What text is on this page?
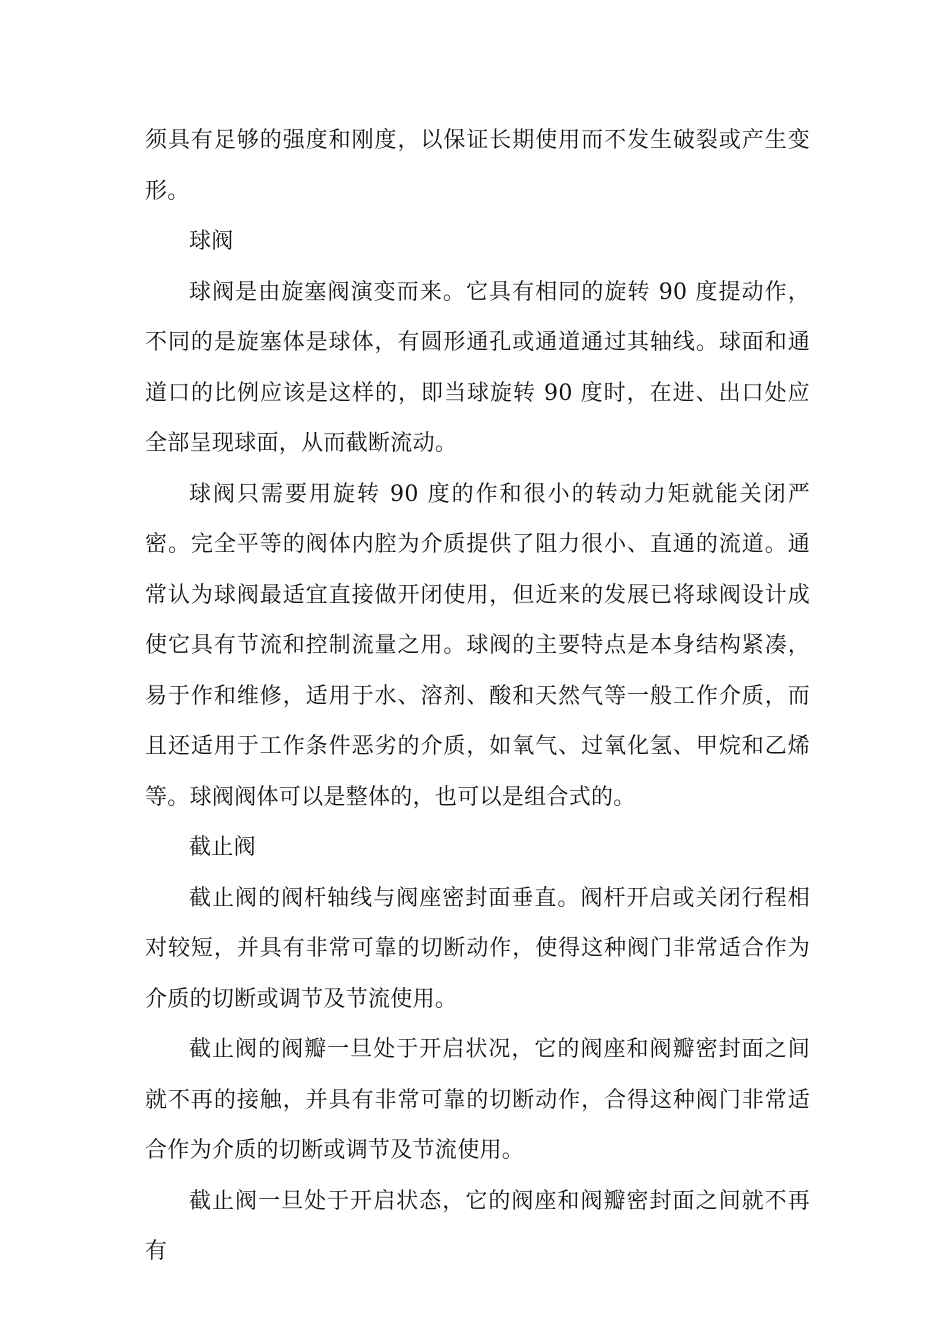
须具有足够的强度和刚度，以保证长期使用而不发生破裂或产生变形。

球阀

球阀是由旋塞阀演变而来。它具有相同的旋转 90 度提动作，不同的是旋塞体是球体，有圆形通孔或通道通过其轴线。球面和通道口的比例应该是这样的，即当球旋转 90 度时，在进、出口处应全部呈现球面，从而截断流动。

球阀只需要用旋转 90 度的作和很小的转动力矩就能关闭严密。完全平等的阀体内腔为介质提供了阻力很小、直通的流道。通常认为球阀最适宜直接做开闭使用，但近来的发展已将球阀设计成使它具有节流和控制流量之用。球阀的主要特点是本身结构紧凑，易于作和维修，适用于水、溶剂、酸和天然气等一般工作介质，而且还适用于工作条件恶劣的介质，如氧气、过氧化氢、甲烷和乙烯等。球阀阀体可以是整体的，也可以是组合式的。

截止阀

截止阀的阀杆轴线与阀座密封面垂直。阀杆开启或关闭行程相对较短，并具有非常可靠的切断动作，使得这种阀门非常适合作为介质的切断或调节及节流使用。

截止阀的阀瓣一旦处于开启状况，它的阀座和阀瓣密封面之间就不再的接触，并具有非常可靠的切断动作，合得这种阀门非常适合作为介质的切断或调节及节流使用。

截止阀一旦处于开启状态，它的阀座和阀瓣密封面之间就不再有
